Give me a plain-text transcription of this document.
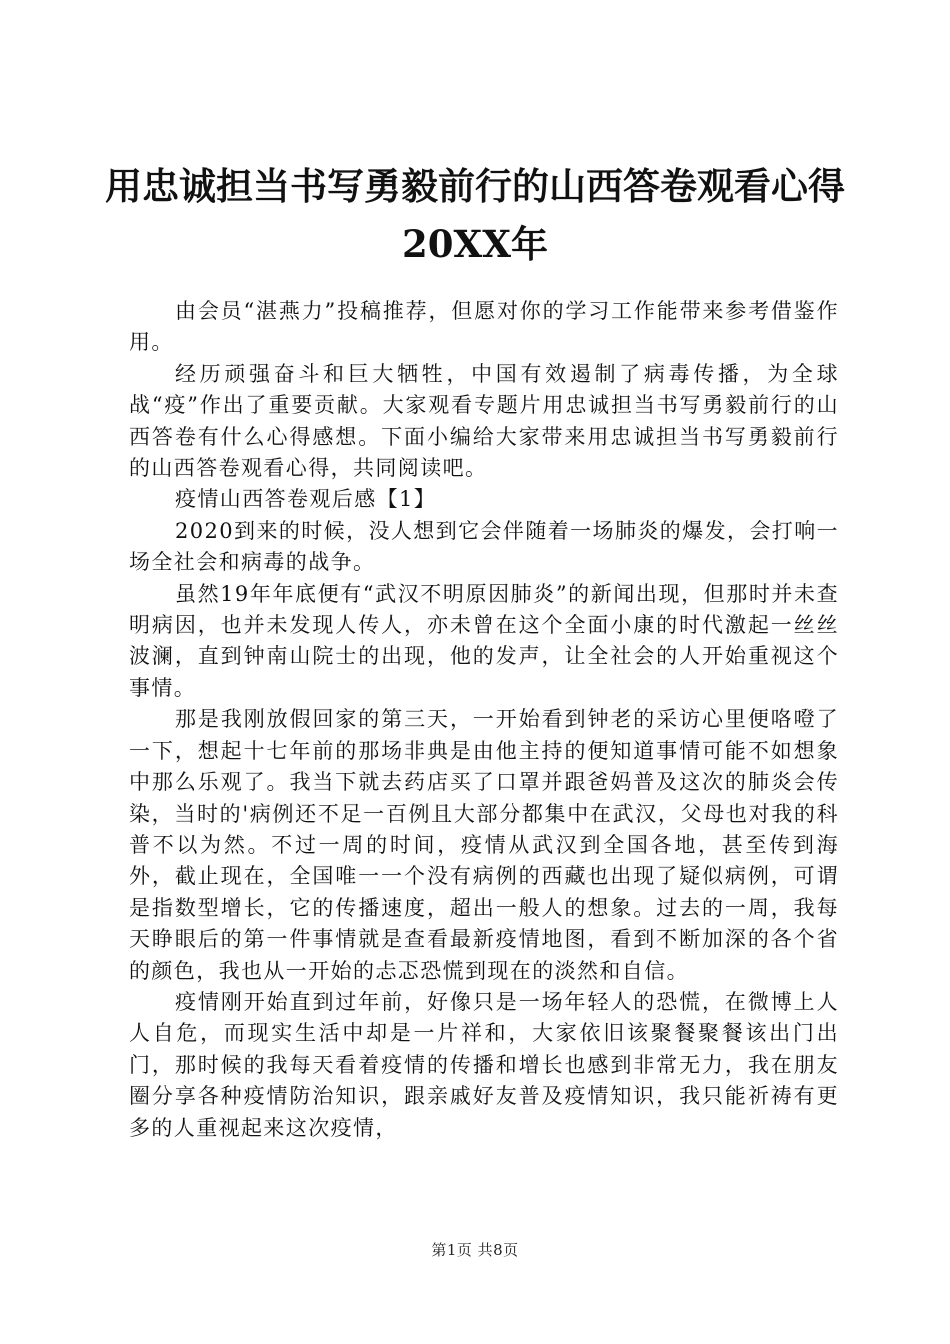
用忠诚担当书写勇毅前行的山西答卷观看心得
20XX年

由会员“湛燕力”投稿推荐，但愿对你的学习工作能带来参考借鉴作用。

经历顽强奋斗和巨大牺牲，中国有效遏制了病毒传播，为全球战“疫”作出了重要贡献。大家观看专题片用忠诚担当书写勇毅前行的山西答卷有什么心得感想。下面小编给大家带来用忠诚担当书写勇毅前行的山西答卷观看心得，共同阅读吧。

疫情山西答卷观后感【1】

2020到来的时候，没人想到它会伴随着一场肺炎的爆发，会打响一场全社会和病毒的战争。

虽然19年年底便有“武汉不明原因肺炎”的新闻出现，但那时并未查明病因，也并未发现人传人，亦未曾在这个全面小康的时代激起一丝丝波澜，直到钟南山院士的出现，他的发声，让全社会的人开始重视这个事情。

那是我刚放假回家的第三天，一开始看到钟老的采访心里便咯噔了一下，想起十七年前的那场非典是由他主持的便知道事情可能不如想象中那么乐观了。我当下就去药店买了口罩并跟爸妈普及这次的肺炎会传染，当时的'病例还不足一百例且大部分都集中在武汉，父母也对我的科普不以为然。不过一周的时间，疫情从武汉到全国各地，甚至传到海外，截止现在，全国唯一一个没有病例的西藏也出现了疑似病例，可谓是指数型增长，它的传播速度，超出一般人的想象。过去的一周，我每天睁眼后的第一件事情就是查看最新疫情地图，看到不断加深的各个省的颜色，我也从一开始的忐忑恐慌到现在的淡然和自信。

疫情刚开始直到过年前，好像只是一场年轻人的恐慌，在微博上人人自危，而现实生活中却是一片祥和，大家依旧该聚餐聚餐该出门出门，那时候的我每天看着疫情的传播和增长也感到非常无力，我在朋友圈分享各种疫情防治知识，跟亲戚好友普及疫情知识，我只能祈祷有更多的人重视起来这次疫情，

第1页 共8页
